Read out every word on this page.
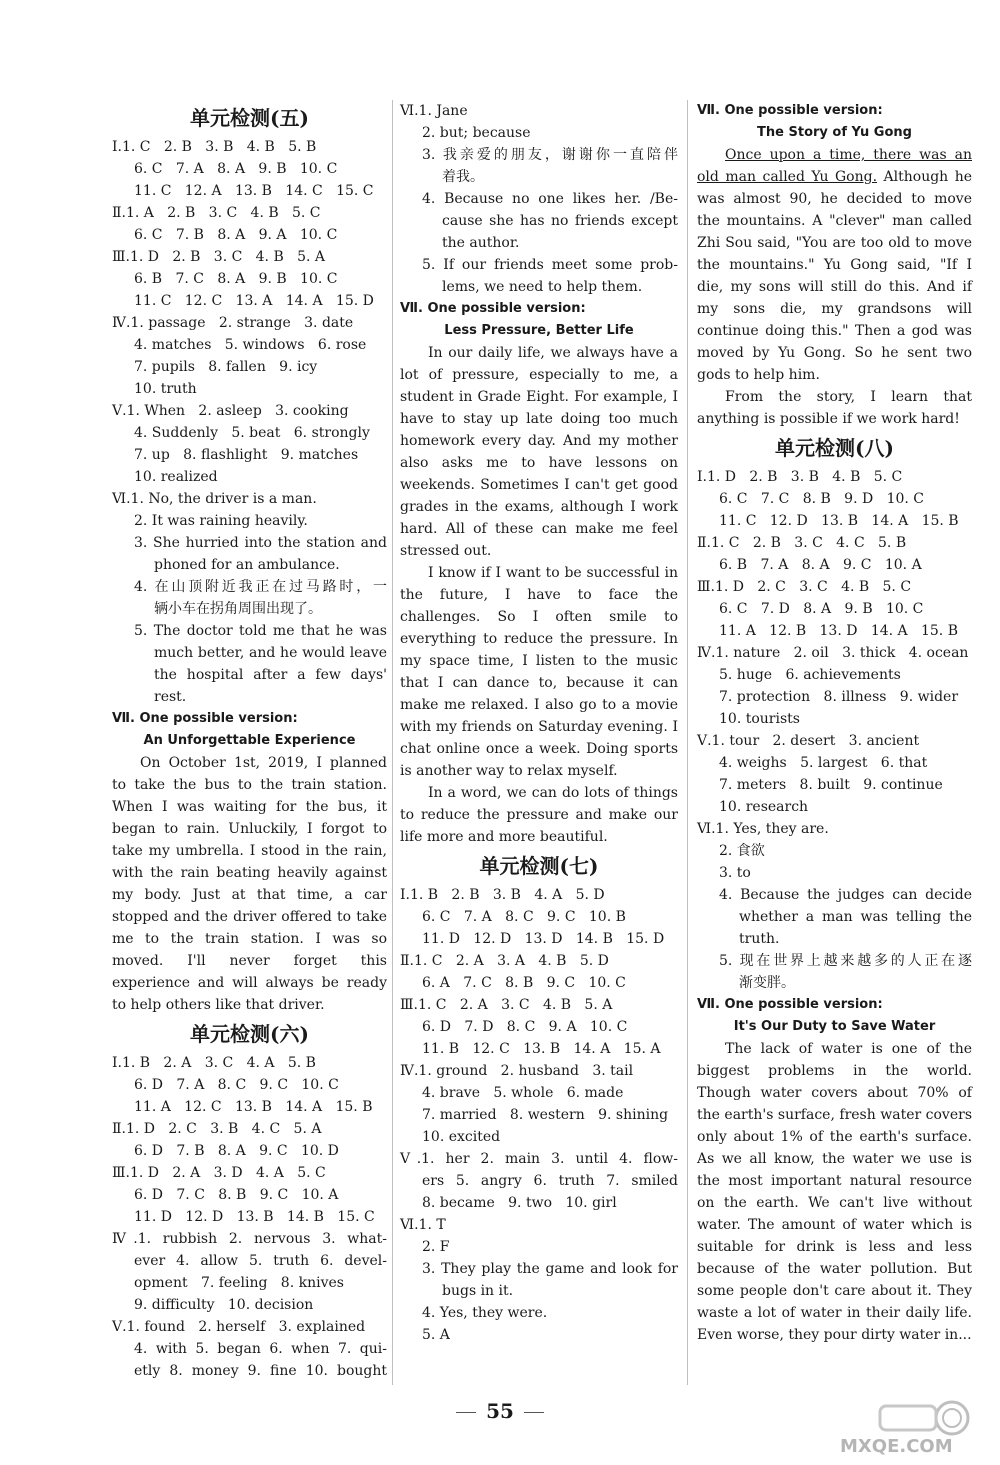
单元检测(五)
Ⅰ.1. C   2. B   3. B   4. B   5. B
6. C   7. A   8. A   9. B   10. C
11. C   12. A   13. B   14. C   15. C
Ⅱ.1. A   2. B   3. C   4. B   5. C
6. C   7. B   8. A   9. A   10. C
Ⅲ.1. D   2. B   3. C   4. B   5. A
6. B   7. C   8. A   9. B   10. C
11. C   12. C   13. A   14. A   15. D
Ⅳ.1. passage   2. strange   3. date
4. matches   5. windows   6. rose
7. pupils   8. fallen   9. icy
10. truth
Ⅴ.1. When   2. asleep   3. cooking
4. Suddenly   5. beat   6. strongly
7. up   8. flashlight   9. matches
10. realized
Ⅵ.1. No, the driver is a man.
2. It was raining heavily.
3. She hurried into the station and
phoned for an ambulance.
4. 在山顶附近我正在过马路时，一
辆小车在拐角周围出现了。
5. The doctor told me that he was
much better, and he would leave
the hospital after a few days'
rest.
Ⅶ. One possible version:
An Unforgettable Experience
On October 1st, 2019, I planned to take the bus to the train station. When I was waiting for the bus, it began to rain. Unluckily, I forgot to take my umbrella. I stood in the rain, with the rain beating heavily against my body. Just at that time, a car stopped and the driver offered to take me to the train station. I was so moved. I'll never forget this experience and will always be ready to help others like that driver.
单元检测(六)
Ⅰ.1. B   2. A   3. C   4. A   5. B
6. D   7. A   8. C   9. C   10. C
11. A   12. C   13. B   14. A   15. B
Ⅱ.1. D   2. C   3. B   4. C   5. A
6. D   7. B   8. A   9. C   10. D
Ⅲ.1. D   2. A   3. D   4. A   5. C
6. D   7. C   8. B   9. C   10. A
11. D   12. D   13. B   14. B   15. C
Ⅳ.1. rubbish 2. nervous 3. what-
ever 4. allow 5. truth 6. devel-
opment   7. feeling   8. knives
9. difficulty   10. decision
Ⅴ.1. found   2. herself   3. explained
4. with 5. began 6. when 7. qui-
etly 8. money 9. fine 10. bought
Ⅵ.1. Jane
2. but; because
3. 我亲爱的朋友，谢谢你一直陪伴
着我。
4. Because no one likes her. /Be-
cause she has no friends except
the author.
5. If our friends meet some prob-
lems, we need to help them.
Ⅶ. One possible version:
Less Pressure, Better Life
In our daily life, we always have a lot of pressure, especially to me, a student in Grade Eight. For example, I have to stay up late doing too much homework every day. And my mother also asks me to have lessons on weekends. Sometimes I can't get good grades in the exams, although I work hard. All of these can make me feel stressed out.
I know if I want to be successful in the future, I have to face the challenges. So I often smile to everything to reduce the pressure. In my space time, I listen to the music that I can dance to, because it can make me relaxed. I also go to a movie with my friends on Saturday evening. I chat online once a week. Doing sports is another way to relax myself.
In a word, we can do lots of things to reduce the pressure and make our life more and more beautiful.
单元检测(七)
Ⅰ.1. B   2. B   3. B   4. A   5. D
6. C   7. A   8. C   9. C   10. B
11. D   12. D   13. D   14. B   15. D
Ⅱ.1. C   2. A   3. A   4. B   5. D
6. A   7. C   8. B   9. C   10. C
Ⅲ.1. C   2. A   3. C   4. B   5. A
6. D   7. D   8. C   9. A   10. C
11. B   12. C   13. B   14. A   15. A
Ⅳ.1. ground   2. husband   3. tail
4. brave   5. whole   6. made
7. married   8. western   9. shining
10. excited
Ⅴ.1. her 2. main 3. until 4. flow-
ers 5. angry 6. truth 7. smiled
8. became   9. two   10. girl
Ⅵ.1. T
2. F
3. They play the game and look for
bugs in it.
4. Yes, they were.
5. A
Ⅶ. One possible version:
The Story of Yu Gong
Once upon a time, there was an old man called Yu Gong. Although he was almost 90, he decided to move the mountains. A "clever" man called Zhi Sou said, "You are too old to move the mountains." Yu Gong said, "If I die, my sons will still do this. And if my sons die, my grandsons will continue doing this." Then a god was moved by Yu Gong. So he sent two gods to help him.
From the story, I learn that anything is possible if we work hard!
单元检测(八)
Ⅰ.1. D   2. B   3. B   4. B   5. C
6. C   7. C   8. B   9. D   10. C
11. C   12. D   13. B   14. A   15. B
Ⅱ.1. C   2. B   3. C   4. C   5. B
6. B   7. A   8. A   9. C   10. A
Ⅲ.1. D   2. C   3. C   4. B   5. C
6. C   7. D   8. A   9. B   10. C
11. A   12. B   13. D   14. A   15. B
Ⅳ.1. nature   2. oil   3. thick   4. ocean
5. huge   6. achievements
7. protection   8. illness   9. wider
10. tourists
Ⅴ.1. tour   2. desert   3. ancient
4. weighs   5. largest   6. that
7. meters   8. built   9. continue
10. research
Ⅵ.1. Yes, they are.
2. 食欲
3. to
4. Because the judges can decide
whether a man was telling the
truth.
5. 现在世界上越来越多的人正在逐
渐变胖。
Ⅶ. One possible version:
It's Our Duty to Save Water
The lack of water is one of the biggest problems in the world. Though water covers about 70% of the earth's surface, fresh water covers only about 1% of the earth's surface. As we all know, the water we use is the most important natural resource on the earth. We can't live without water. The amount of water which is suitable for drink is less and less because of the water pollution. But some people don't care about it. They waste a lot of water in their daily life. Even worse, they pour dirty water in...
55
MXQE.COM
